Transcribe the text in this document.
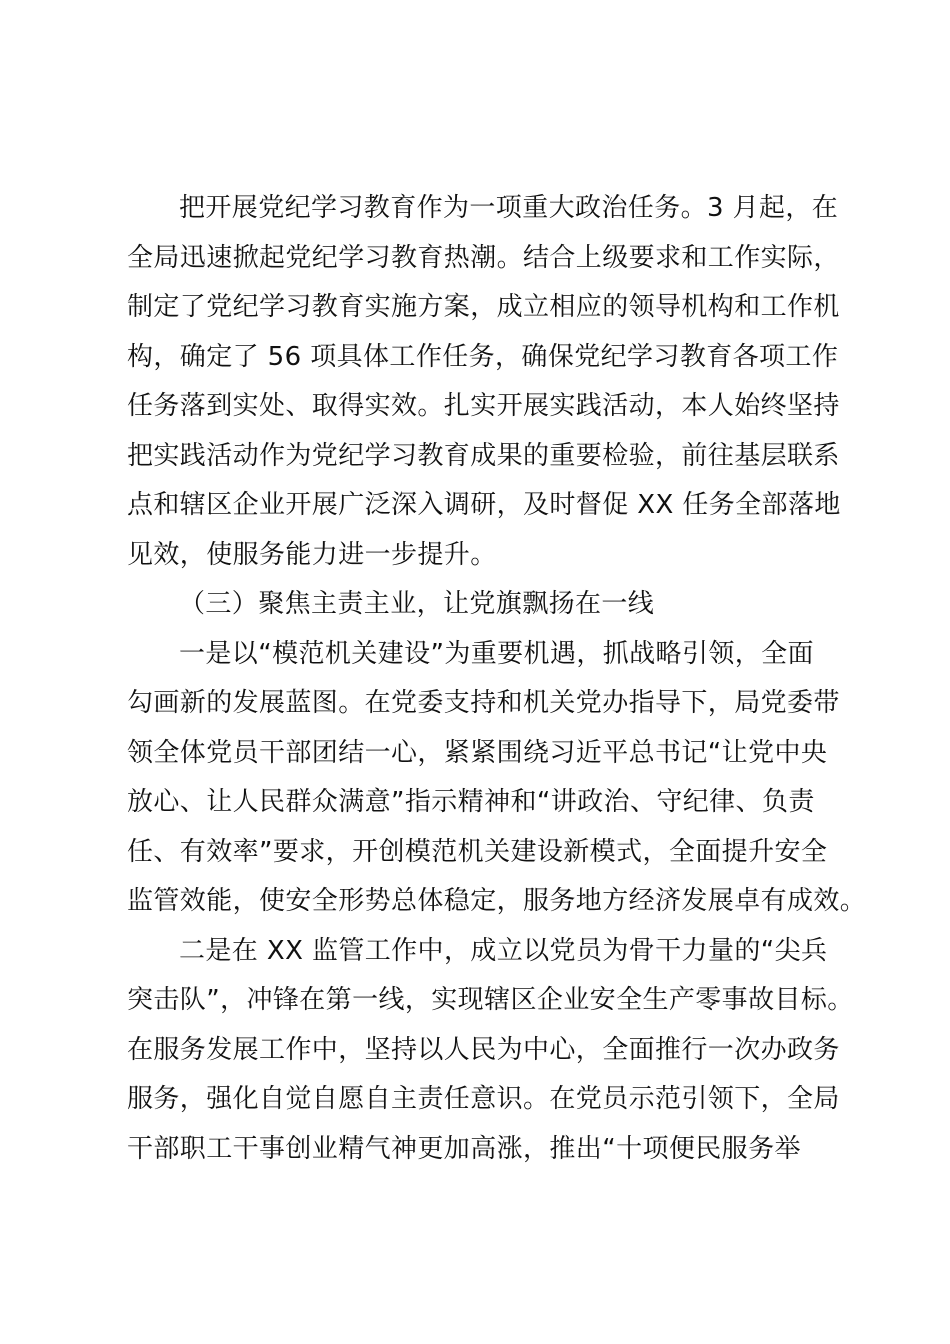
把开展党纪学习教育作为一项重大政治任务。3 月起，在
全局迅速掀起党纪学习教育热潮。结合上级要求和工作实际，
制定了党纪学习教育实施方案，成立相应的领导机构和工作机
构，确定了 56 项具体工作任务，确保党纪学习教育各项工作
任务落到实处、取得实效。扎实开展实践活动，本人始终坚持
把实践活动作为党纪学习教育成果的重要检验，前往基层联系
点和辖区企业开展广泛深入调研，及时督促 XX 任务全部落地
见效，使服务能力进一步提升。
（三）聚焦主责主业，让党旗飘扬在一线
一是以“模范机关建设”为重要机遇，抓战略引领，全面
勾画新的发展蓝图。在党委支持和机关党办指导下，局党委带
领全体党员干部团结一心，紧紧围绕习近平总书记“让党中央
放心、让人民群众满意”指示精神和“讲政治、守纪律、负责
任、有效率”要求，开创模范机关建设新模式，全面提升安全
监管效能，使安全形势总体稳定，服务地方经济发展卓有成效。
二是在 XX 监管工作中，成立以党员为骨干力量的“尖兵
突击队”，冲锋在第一线，实现辖区企业安全生产零事故目标。
在服务发展工作中，坚持以人民为中心，全面推行一次办政务
服务，强化自觉自愿自主责任意识。在党员示范引领下，全局
干部职工干事创业精气神更加高涨，推出“十项便民服务举
